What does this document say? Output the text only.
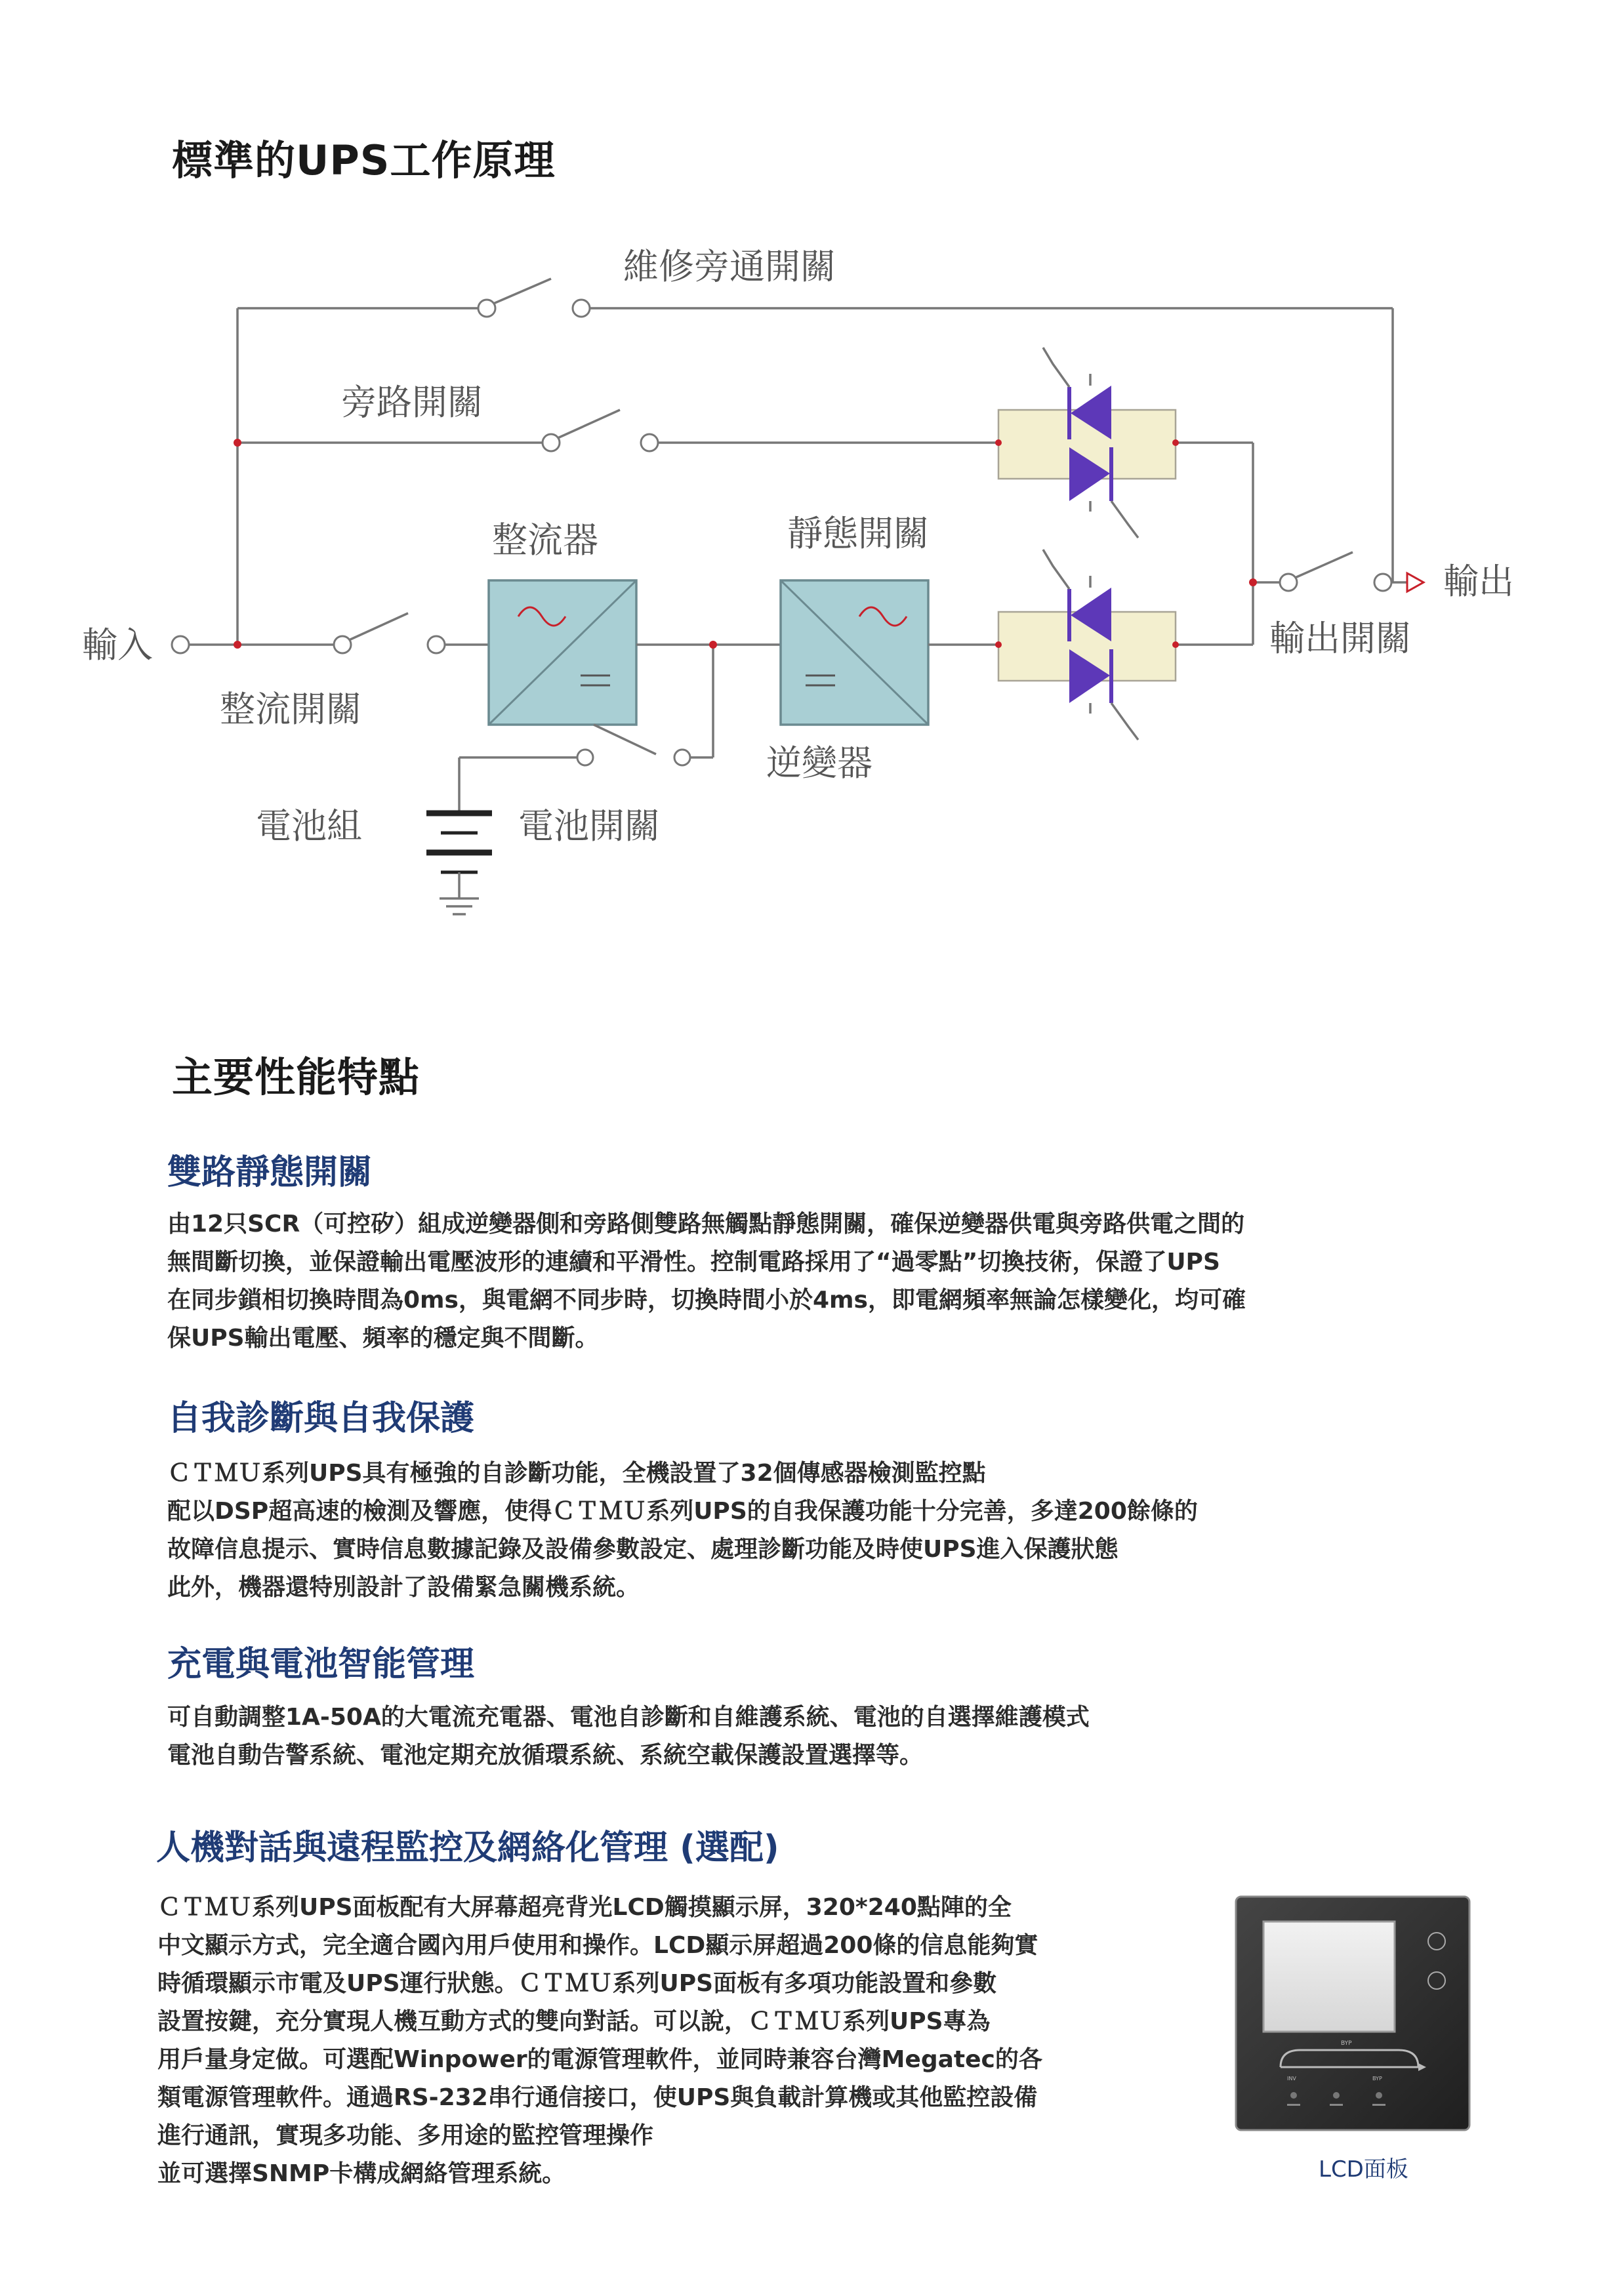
標準的UPS工作原理
維修旁通開關
旁路開關
整流器	靜態開關
輸出
輸入	輸出開關
整流開關
逆變器
電池組	電池開關
主要性能特點
雙路靜態開關
由12只SCR（可控矽）組成逆變器側和旁路側雙路無觸點靜態開關，確保逆變器供電與旁路供電之間的
無間斷切換，並保證輸出電壓波形的連續和平滑性。控制電路採用了“過零點”切換技術，保證了UPS
在同步鎖相切換時間為0ms，與電網不同步時，切換時間小於4ms，即電網頻率無論怎樣變化，均可確
保UPS輸出電壓、頻率的穩定與不間斷。
自我診斷與自我保護
ＣＴＭＵ系列UPS具有極強的自診斷功能，全機設置了32個傳感器檢測監控點
配以DSP超高速的檢測及響應，使得ＣＴＭＵ系列UPS的自我保護功能十分完善，多達200餘條的
故障信息提示、實時信息數據記錄及設備參數設定、處理診斷功能及時使UPS進入保護狀態
此外，機器還特別設計了設備緊急關機系統。
充電與電池智能管理
可自動調整1A-50A的大電流充電器、電池自診斷和自維護系統、電池的自選擇維護模式
電池自動告警系統、電池定期充放循環系統、系統空載保護設置選擇等。
人機對話與遠程監控及網絡化管理 (選配)
ＣＴＭＵ系列UPS面板配有大屏幕超亮背光LCD觸摸顯示屏，320*240點陣的全
中文顯示方式，完全適合國內用戶使用和操作。LCD顯示屏超過200條的信息能夠實
時循環顯示市電及UPS運行狀態。ＣＴＭＵ系列UPS面板有多項功能設置和參數
設置按鍵，充分實現人機互動方式的雙向對話。可以說，ＣＴＭＵ系列UPS專為
用戶量身定做。可選配Winpower的電源管理軟件，並同時兼容台灣Megatec的各
類電源管理軟件。通過RS-232串行通信接口，使UPS與負載計算機或其他監控設備
進行通訊，實現多功能、多用途的監控管理操作
並可選擇SNMP卡構成網絡管理系統。
BYP
INV	BYP
LCD面板
